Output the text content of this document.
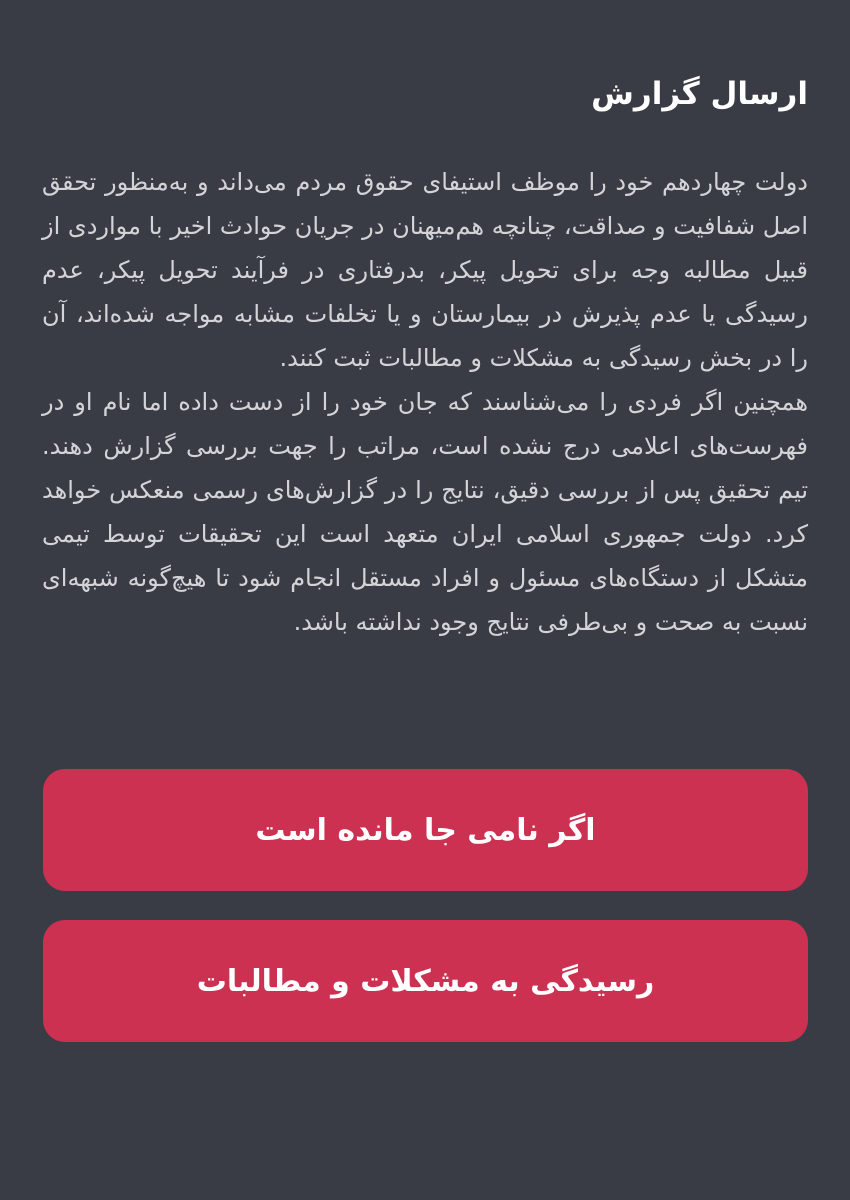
ارسال گزارش

دولت چهاردهم خود را موظف استیفای حقوق مردم می‌داند و به‌منظور تحقق اصل شفافیت و صداقت، چنانچه هم‌میهنان در جریان حوادث اخیر با مواردی از قبیل مطالبه وجه برای تحویل پیکر، بدرفتاری در فرآیند تحویل پیکر، عدم رسیدگی یا عدم پذیرش در بیمارستان و یا تخلفات مشابه مواجه شده‌اند، آن را در بخش رسیدگی به مشکلات و مطالبات ثبت کنند.

همچنین اگر فردی را می‌شناسند که جان خود را از دست داده اما نام او در فهرست‌های اعلامی درج نشده است، مراتب را جهت بررسی گزارش دهند. تیم تحقیق پس از بررسی دقیق، نتایج را در گزارش‌های رسمی منعکس خواهد کرد. دولت جمهوری اسلامی ایران متعهد است این تحقیقات توسط تیمی متشکل از دستگاه‌های مسئول و افراد مستقل انجام شود تا هیچ‌گونه شبهه‌ای نسبت به صحت و بی‌طرفی نتایج وجود نداشته باشد.

اگر نامی جا مانده است
رسیدگی به مشکلات و مطالبات
